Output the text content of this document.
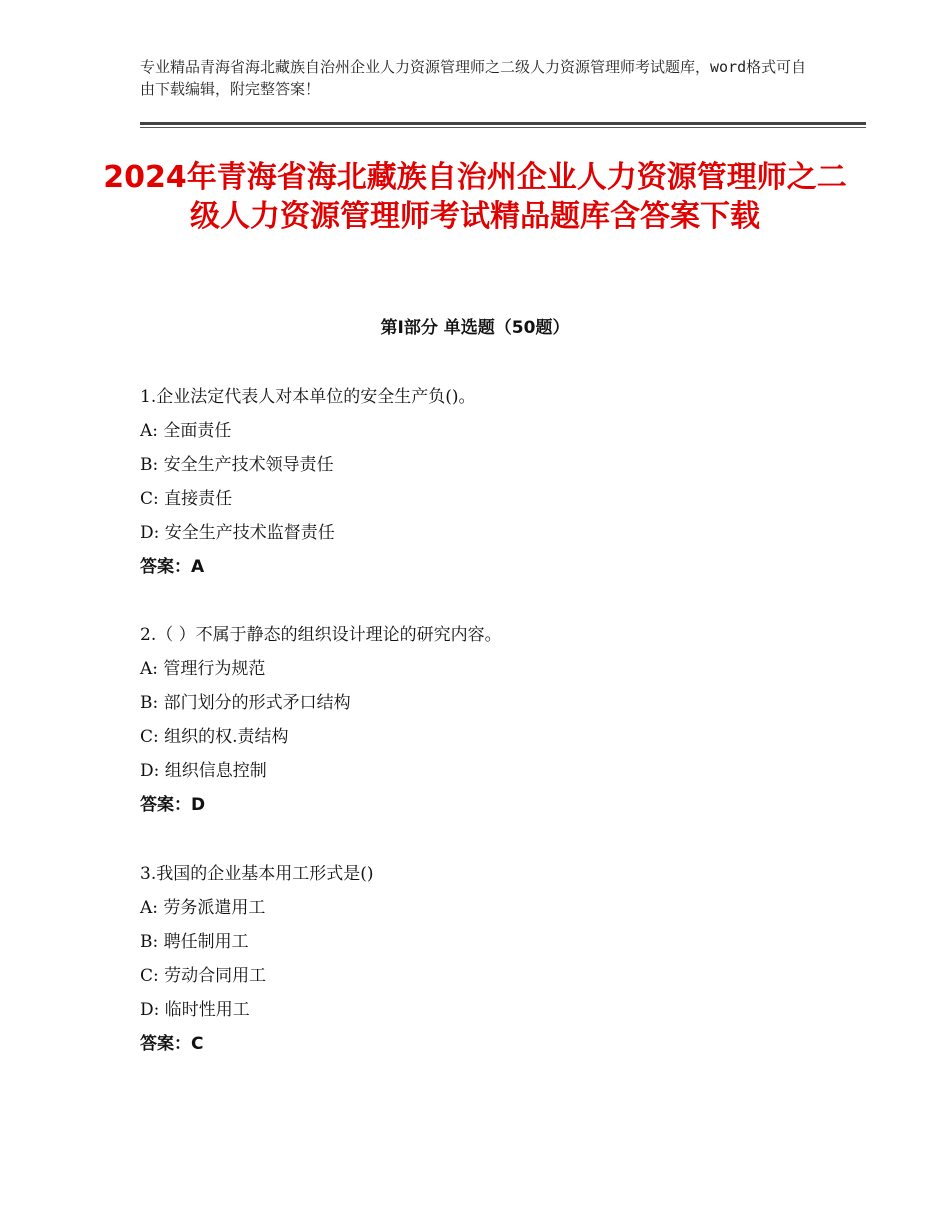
专业精品青海省海北藏族自治州企业人力资源管理师之二级人力资源管理师考试题库，word格式可自由下载编辑，附完整答案！
2024年青海省海北藏族自治州企业人力资源管理师之二级人力资源管理师考试精品题库含答案下载
第Ⅰ部分 单选题（50题）
1.企业法定代表人对本单位的安全生产负()。
A: 全面责任
B: 安全生产技术领导责任
C: 直接责任
D: 安全生产技术监督责任
答案：A
2.（ ）不属于静态的组织设计理论的研究内容。
A: 管理行为规范
B: 部门划分的形式矛口结构
C: 组织的权.责结构
D: 组织信息控制
答案：D
3.我国的企业基本用工形式是()
A: 劳务派遣用工
B: 聘任制用工
C: 劳动合同用工
D: 临时性用工
答案：C
